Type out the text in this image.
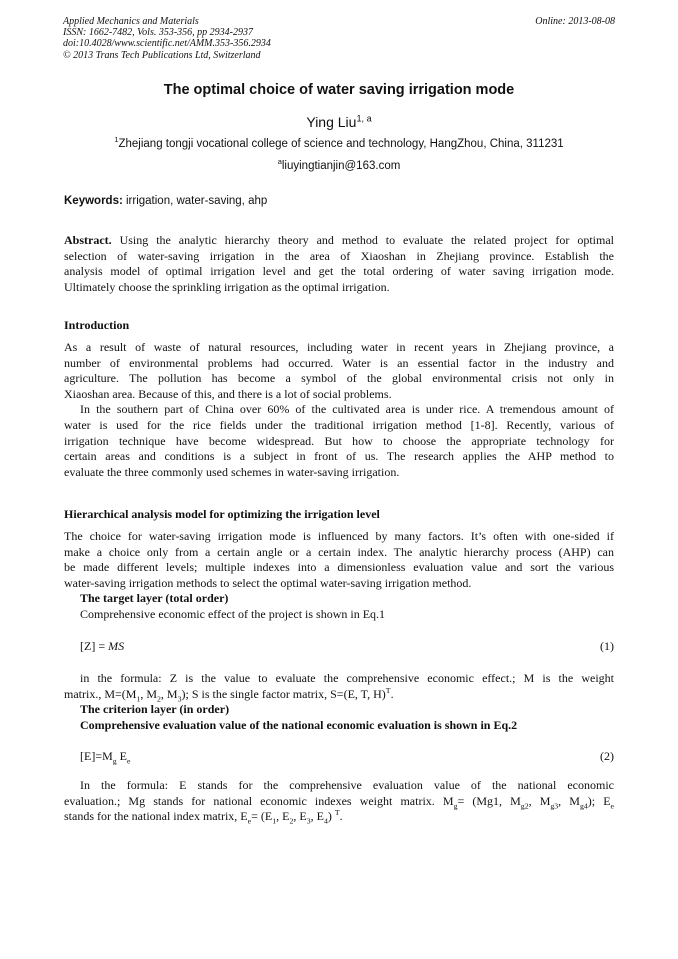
Applied Mechanics and Materials
ISSN: 1662-7482, Vols. 353-356, pp 2934-2937
doi:10.4028/www.scientific.net/AMM.353-356.2934
© 2013 Trans Tech Publications Ltd, Switzerland
Online: 2013-08-08
The optimal choice of water saving irrigation mode
Ying Liu$^{1, a}$
$^1$Zhejiang tongji vocational college of science and technology, HangZhou, China, 311231
$^a$liuyingtianjin@163.com
Keywords: irrigation, water-saving, ahp
Abstract. Using the analytic hierarchy theory and method to evaluate the related project for optimal
selection of water-saving irrigation in the area of Xiaoshan in Zhejiang province. Establish the
analysis model of optimal irrigation level and get the total ordering of water saving irrigation mode.
Ultimately choose the sprinkling irrigation as the optimal irrigation.
Introduction
As a result of waste of natural resources, including water in recent years in Zhejiang province, a
number of environmental problems had occurred. Water is an essential factor in the industry and
agriculture. The pollution has become a symbol of the global environmental crisis not only in
Xiaoshan area. Because of this, and there is a lot of social problems.
In the southern part of China over 60% of the cultivated area is under rice. A tremendous amount of
water is used for the rice fields under the traditional irrigation method [1-8]. Recently, various of
irrigation technique have become widespread. But how to choose the appropriate technology for
certain areas and conditions is a subject in front of us. The research applies the AHP method to
evaluate the three commonly used schemes in water-saving irrigation.
Hierarchical analysis model for optimizing the irrigation level
The choice for water-saving irrigation mode is influenced by many factors. It’s often with one-sided if
make a choice only from a certain angle or a certain index. The analytic hierarchy process (AHP) can
be made different levels; multiple indexes into a dimensionless evaluation value and sort the various
water-saving irrigation methods to select the optimal water-saving irrigation method.
The target layer (total order)
Comprehensive economic effect of the project is shown in Eq.1
[Z] = MS	(1)
in the formula: Z is the value to evaluate the comprehensive economic effect.; M is the weight
matrix., $M=(M_1$, $M_2$, $M_3$); S is the single factor matrix, S=(E, T, H)$^T$.
The criterion layer (in order)
Comprehensive evaluation value of the national economic evaluation is shown in Eq.2
$[E]=M_g$ $E_e$	(2)
In the formula: E stands for the comprehensive evaluation value of the national economic
evaluation.; Mg stands for national economic indexes weight matrix. $M_g= (Mg1$, $M_{g2}$, $M_{g3}$, $M_{g4}$); $E_e$
stands for the national index matrix, $E_e= (E_1$, $E_2$, $E_3$, $E_4$) $^T$.
